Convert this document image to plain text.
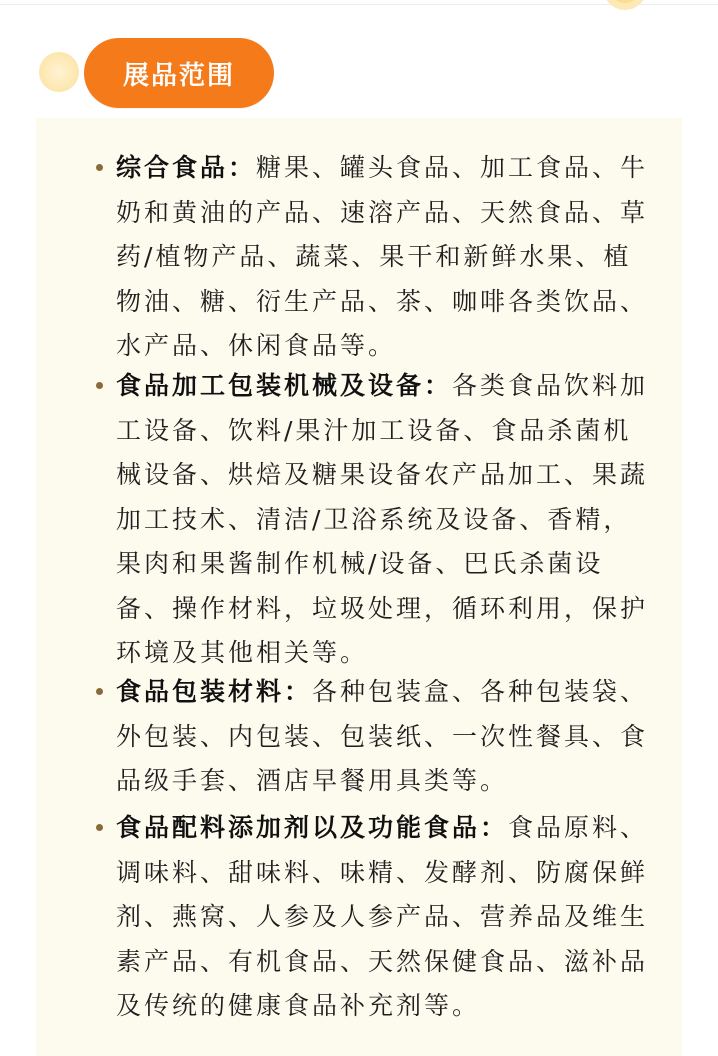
展品范围
综合食品：糖果、罐头食品、加工食品、牛奶和黄油的产品、速溶产品、天然食品、草药/植物产品、蔬菜、果干和新鲜水果、植物油、糖、衍生产品、茶、咖啡各类饮品、水产品、休闲食品等。
食品加工包装机械及设备：各类食品饮料加工设备、饮料/果汁加工设备、食品杀菌机械设备、烘焙及糖果设备农产品加工、果蔬加工技术、清洁/卫浴系统及设备、香精，果肉和果酱制作机械/设备、巴氏杀菌设备、操作材料，垃圾处理，循环利用，保护环境及其他相关等。
食品包装材料：各种包装盒、各种包装袋、外包装、内包装、包装纸、一次性餐具、食品级手套、酒店早餐用具类等。
食品配料添加剂以及功能食品：食品原料、调味料、甜味料、味精、发酵剂、防腐保鲜剂、燕窝、人参及人参产品、营养品及维生素产品、有机食品、天然保健食品、滋补品及传统的健康食品补充剂等。
